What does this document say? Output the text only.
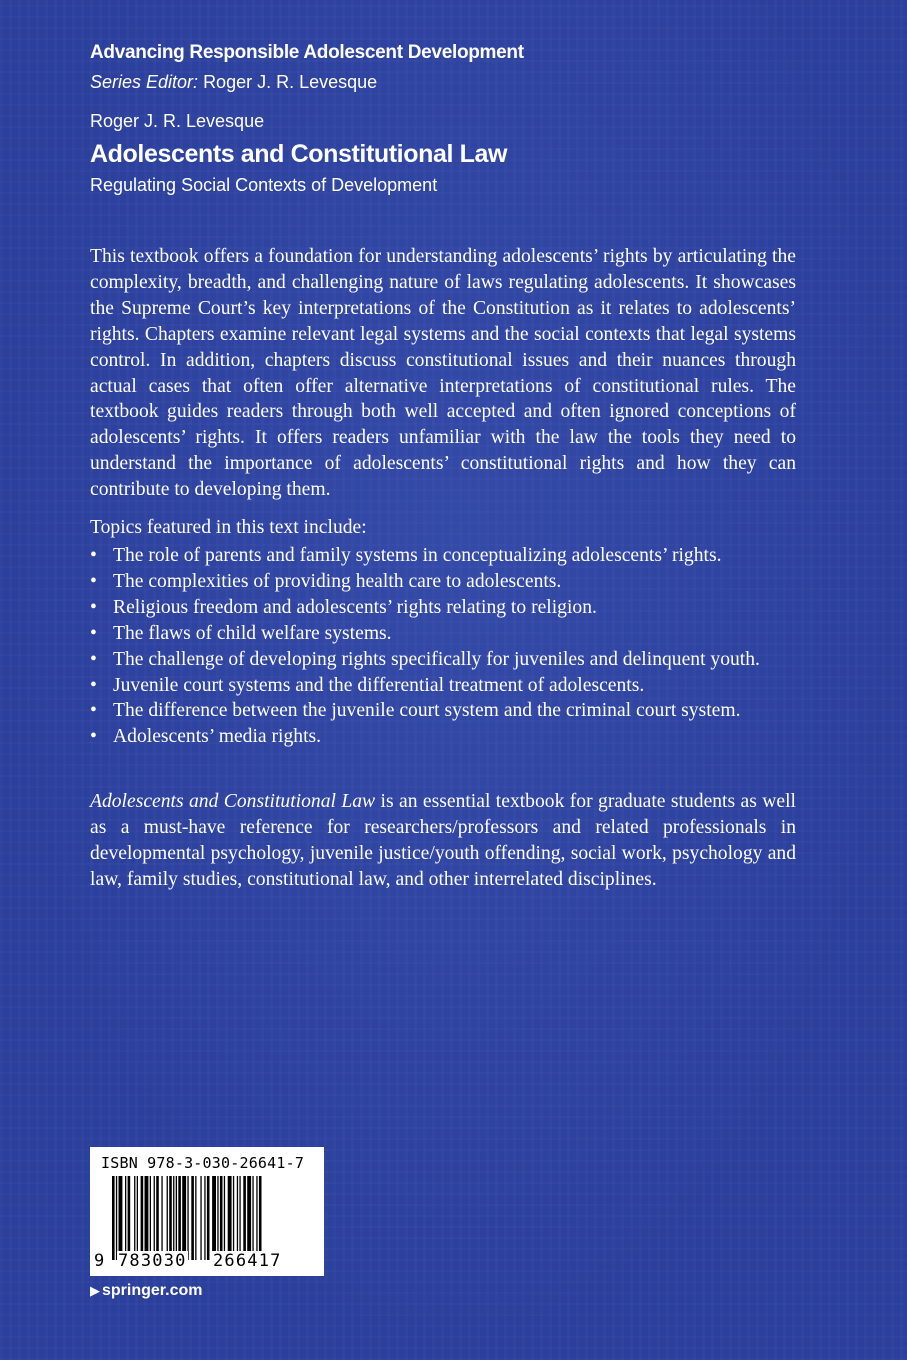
Advancing Responsible Adolescent Development
Series Editor: Roger J. R. Levesque
Roger J. R. Levesque
Adolescents and Constitutional Law
Regulating Social Contexts of Development

This textbook offers a foundation for understanding adolescents’ rights by articulating the complexity, breadth, and challenging nature of laws regulating adolescents. It showcases the Supreme Court’s key interpretations of the Constitution as it relates to adolescents’ rights. Chapters examine relevant legal systems and the social contexts that legal systems control. In addition, chapters discuss constitutional issues and their nuances through actual cases that often offer alternative interpretations of constitutional rules. The textbook guides readers through both well accepted and often ignored conceptions of adolescents’ rights. It offers readers unfamiliar with the law the tools they need to understand the importance of adolescents’ constitutional rights and how they can contribute to developing them.

Topics featured in this text include:
• The role of parents and family systems in conceptualizing adolescents’ rights.
• The complexities of providing health care to adolescents.
• Religious freedom and adolescents’ rights relating to religion.
• The flaws of child welfare systems.
• The challenge of developing rights specifically for juveniles and delinquent youth.
• Juvenile court systems and the differential treatment of adolescents.
• The difference between the juvenile court system and the criminal court system.
• Adolescents’ media rights.
Adolescents and Constitutional Law is an essential textbook for graduate students as well as a must-have reference for researchers/professors and related professionals in developmental psychology, juvenile justice/youth offending, social work, psychology and law, family studies, constitutional law, and other interrelated disciplines.
ISBN 978-3-030-26641-7
9 783030 266417
▶ springer.com
